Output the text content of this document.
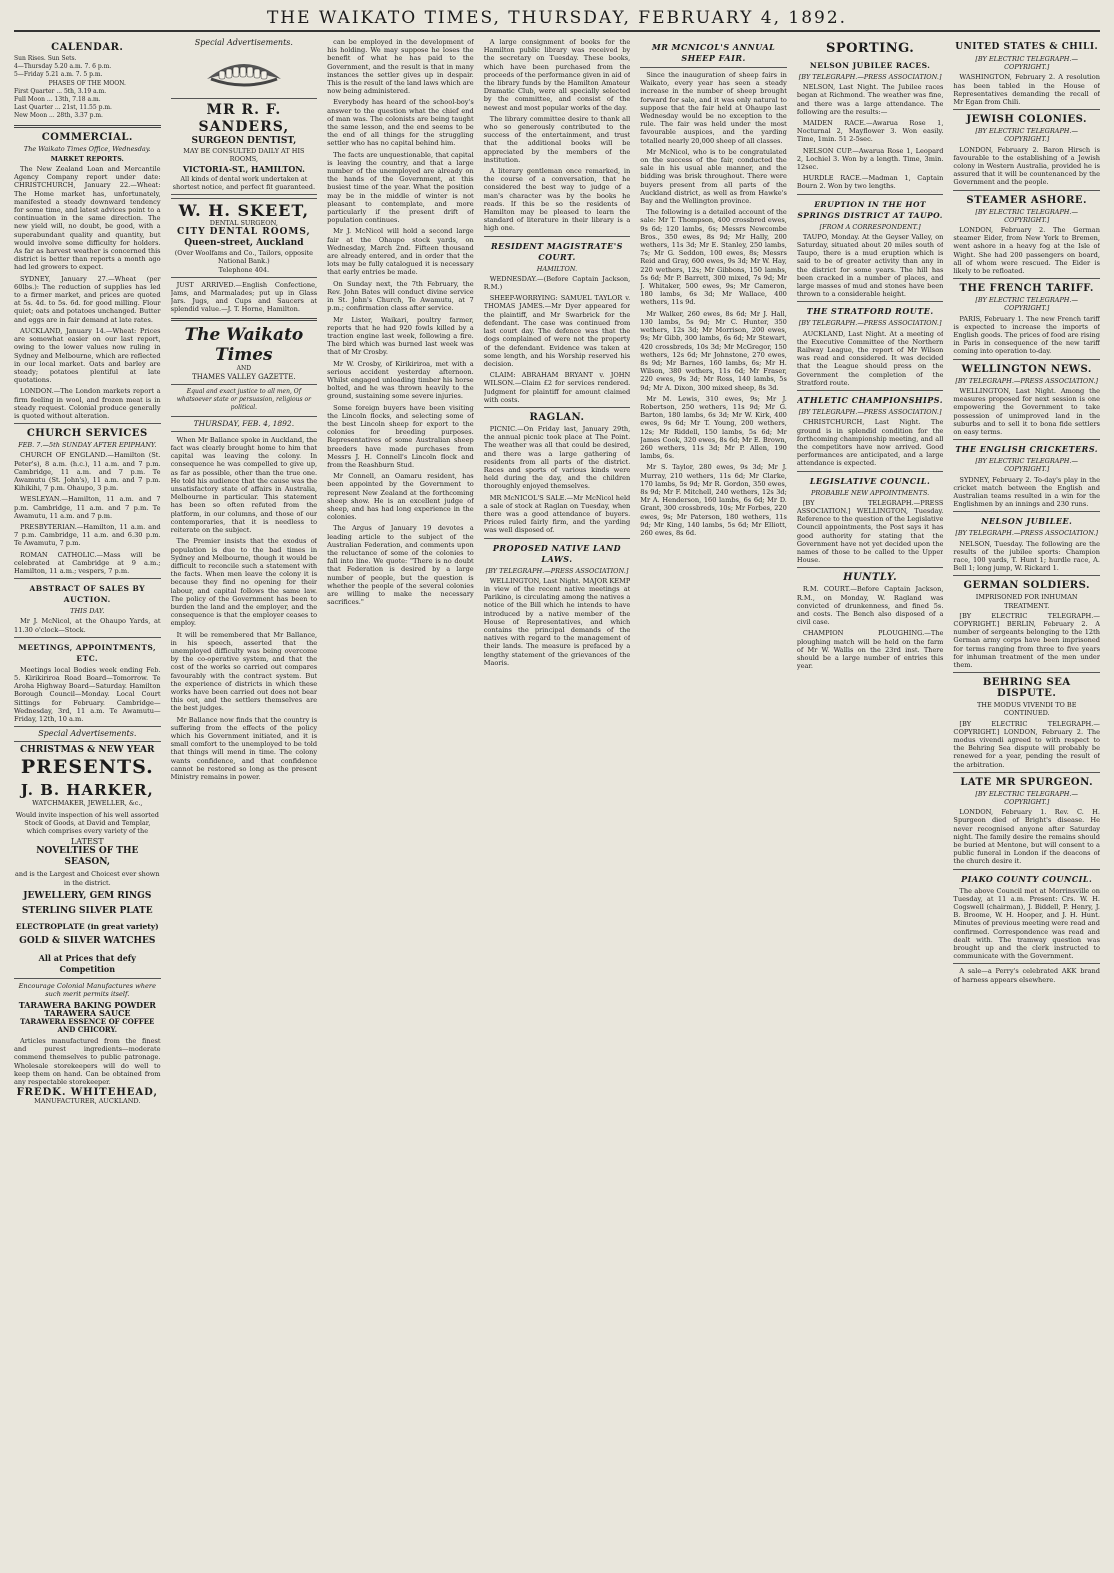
THE WAIKATO TIMES, THURSDAY, FEBRUARY 4, 1892.
CALENDAR.
Sun Rises. Sun Sets.
4—Thursday 5.20 a.m. 7. 6 p.m.
5—Friday 5.21 a.m. 7. 5 p.m.
PHASES OF THE MOON.
First Quarter ... 5th, 3.19 a.m.
Full Moon ... 13th, 7.18 a.m.
Last Quarter ... 21st, 11.55 p.m.
New Moon ... 28th, 3.37 p.m.
COMMERCIAL.
The Waikato Times Office, Wednesday.
MARKET REPORTS.

The New Zealand Loan and Mercantile Agency Company report under date: CHRISTCHURCH, January 22.—Wheat: The Home market has, unfortunately, manifested a steady downward tendency for some time, and latest advices point to a continuation in the same direction. The new yield will, no doubt, be good, with a superabundant quality and quantity, but would involve some difficulty for holders. As far as harvest weather is concerned this district is better than reports a month ago had led growers to expect.

SYDNEY, January 27.—Wheat (per 60lbs.): The reduction of supplies has led to a firmer market, and prices are quoted at 5s. 4d. to 5s. 6d. for good milling. Flour quiet; oats and potatoes unchanged. Butter and eggs are in fair demand at late rates.

AUCKLAND, January 14.—Wheat: Prices are somewhat easier on our last report, owing to the lower values now ruling in Sydney and Melbourne, which are reflected in our local market. Oats and barley are steady; potatoes plentiful at late quotations.

LONDON.—The London markets report a firm feeling in wool, and frozen meat is in steady request. Colonial produce generally is quoted without alteration.

CHURCH SERVICES
FEB. 7.—5th SUNDAY AFTER EPIPHANY.

CHURCH OF ENGLAND.—Hamilton (St. Peter's), 8 a.m. (h.c.), 11 a.m. and 7 p.m. Cambridge, 11 a.m. and 7 p.m. Te Awamutu (St. John's), 11 a.m. and 7 p.m. Kihikihi, 7 p.m. Ohaupo, 3 p.m.

WESLEYAN.—Hamilton, 11 a.m. and 7 p.m. Cambridge, 11 a.m. and 7 p.m. Te Awamutu, 11 a.m. and 7 p.m.

PRESBYTERIAN.—Hamilton, 11 a.m. and 7 p.m. Cambridge, 11 a.m. and 6.30 p.m. Te Awamutu, 7 p.m.

ROMAN CATHOLIC.—Mass will be celebrated at Cambridge at 9 a.m.; Hamilton, 11 a.m.; vespers, 7 p.m.

ABSTRACT OF SALES BY AUCTION.
THIS DAY.

Mr J. McNicol, at the Ohaupo Yards, at 11.30 o'clock—Stock.

MEETINGS, APPOINTMENTS, ETC.

Meetings local Bodies week ending Feb. 5. Kirikiriroa Road Board—Tomorrow. Te Aroha Highway Board—Saturday. Hamilton Borough Council—Monday. Local Court Sittings for February. Cambridge—Wednesday, 3rd, 11 a.m. Te Awamutu—Friday, 12th, 10 a.m.

Special Advertisements.
CHRISTMAS & NEW YEAR
PRESENTS.
J. B. HARKER,
WATCHMAKER, JEWELLER, &c.,
Would invite inspection of his well assorted Stock of Goods, at David and Templar, which comprises every variety of the
LATEST
NOVELTIES OF THE SEASON,
and is the Largest and Choicest ever shown in the district.
JEWELLERY, GEM RINGS
STERLING SILVER PLATE
ELECTROPLATE (in great variety)
GOLD & SILVER WATCHES
All at Prices that defy Competition
Encourage Colonial Manufactures where such merit permits itself.
TARAWERA BAKING POWDER
TARAWERA SAUCE
TARAWERA ESSENCE OF COFFEE AND CHICORY.

Articles manufactured from the finest and purest ingredients—moderate commend themselves to public patronage. Wholesale storekeepers will do well to keep them on hand. Can be obtained from any respectable storekeeper.

FREDK. WHITEHEAD,
MANUFACTURER, AUCKLAND.
Special Advertisements.
MR R. F. SANDERS,
SURGEON DENTIST,
MAY BE CONSULTED DAILY AT HIS ROOMS,
VICTORIA-ST., HAMILTON.
All kinds of dental work undertaken at shortest notice, and perfect fit guaranteed.
W. H. SKEET,
DENTAL SURGEON,
CITY DENTAL ROOMS,
Queen-street, Auckland
(Over Woolfams and Co., Tailors, opposite National Bank.)
Telephone 404.

JUST ARRIVED.—English Confectione, Jams, and Marmalades; put up in Glass Jars. Jugs, and Cups and Saucers at splendid value.—J. T. Horne, Hamilton.

The Waikato Times
AND
THAMES VALLEY GAZETTE.
Equal and exact justice to all men, Of whatsoever state or persuasion, religious or political.
THURSDAY, FEB. 4, 1892.

When Mr Ballance spoke in Auckland, the fact was clearly brought home to him that capital was leaving the colony. In consequence he was compelled to give up, as far as possible, other than the true one. He told his audience that the cause was the unsatisfactory state of affairs in Australia, Melbourne in particular. This statement has been so often refuted from the platform, in our columns, and those of our contemporaries, that it is needless to reiterate on the subject.

The Premier insists that the exodus of population is due to the bad times in Sydney and Melbourne, though it would be difficult to reconcile such a statement with the facts. When men leave the colony it is because they find no opening for their labour, and capital follows the same law. The policy of the Government has been to burden the land and the employer, and the consequence is that the employer ceases to employ.

It will be remembered that Mr Ballance, in his speech, asserted that the unemployed difficulty was being overcome by the co-operative system, and that the cost of the works so carried out compares favourably with the contract system. But the experience of districts in which these works have been carried out does not bear this out, and the settlers themselves are the best judges.

Mr Ballance now finds that the country is suffering from the effects of the policy which his Government initiated, and it is small comfort to the unemployed to be told that things will mend in time. The colony wants confidence, and that confidence cannot be restored so long as the present Ministry remains in power.

can be employed in the development of his holding. We may suppose he loses the benefit of what he has paid to the Government, and the result is that in many instances the settler gives up in despair. This is the result of the land laws which are now being administered.

Everybody has heard of the school-boy's answer to the question what the chief end of man was. The colonists are being taught the same lesson, and the end seems to be the end of all things for the struggling settler who has no capital behind him.

The facts are unquestionable, that capital is leaving the country, and that a large number of the unemployed are already on the hands of the Government, at this busiest time of the year. What the position may be in the middle of winter is not pleasant to contemplate, and more particularly if the present drift of population continues.

Mr J. McNicol will hold a second large fair at the Ohaupo stock yards, on Wednesday, March 2nd. Fifteen thousand are already entered, and in order that the lots may be fully catalogued it is necessary that early entries be made.

On Sunday next, the 7th February, the Rev. John Bates will conduct divine service in St. John's Church, Te Awamutu, at 7 p.m.; confirmation class after service.

Mr Lister, Waikari, poultry farmer, reports that he had 920 fowls killed by a traction engine last week, following a fire. The bird which was burned last week was that of Mr Crosby.

Mr W. Crosby, of Kirikiriroa, met with a serious accident yesterday afternoon. Whilst engaged unloading timber his horse bolted, and he was thrown heavily to the ground, sustaining some severe injuries.

Some foreign buyers have been visiting the Lincoln flocks, and selecting some of the best Lincoln sheep for export to the colonies for breeding purposes. Representatives of some Australian sheep breeders have made purchases from Messrs J. H. Connell's Lincoln flock and from the Reashburn Stud.

Mr Connell, an Oamaru resident, has been appointed by the Government to represent New Zealand at the forthcoming sheep show. He is an excellent judge of sheep, and has had long experience in the colonies.

The Argus of January 19 devotes a leading article to the subject of the Australian Federation, and comments upon the reluctance of some of the colonies to fall into line. We quote: "There is no doubt that Federation is desired by a large number of people, but the question is whether the people of the several colonies are willing to make the necessary sacrifices."

A large consignment of books for the Hamilton public library was received by the secretary on Tuesday. These books, which have been purchased from the proceeds of the performance given in aid of the library funds by the Hamilton Amateur Dramatic Club, were all specially selected by the committee, and consist of the newest and most popular works of the day.

The library committee desire to thank all who so generously contributed to the success of the entertainment, and trust that the additional books will be appreciated by the members of the institution.

A literary gentleman once remarked, in the course of a conversation, that he considered the best way to judge of a man's character was by the books he reads. If this be so the residents of Hamilton may be pleased to learn the standard of literature in their library is a high one.

RESIDENT MAGISTRATE'S COURT.
HAMILTON.

WEDNESDAY.—(Before Captain Jackson, R.M.)

SHEEP-WORRYING: SAMUEL TAYLOR v. THOMAS JAMES.—Mr Dyer appeared for the plaintiff, and Mr Swarbrick for the defendant. The case was continued from last court day. The defence was that the dogs complained of were not the property of the defendant. Evidence was taken at some length, and his Worship reserved his decision.

CLAIM: ABRAHAM BRYANT v. JOHN WILSON.—Claim £2 for services rendered. Judgment for plaintiff for amount claimed with costs.

RAGLAN.

PICNIC.—On Friday last, January 29th, the annual picnic took place at The Point. The weather was all that could be desired, and there was a large gathering of residents from all parts of the district. Races and sports of various kinds were held during the day, and the children thoroughly enjoyed themselves.

MR McNICOL'S SALE.—Mr McNicol held a sale of stock at Raglan on Tuesday, when there was a good attendance of buyers. Prices ruled fairly firm, and the yarding was well disposed of.

PROPOSED NATIVE LAND LAWS.
[BY TELEGRAPH.—PRESS ASSOCIATION.]

WELLINGTON, Last Night. MAJOR KEMP in view of the recent native meetings at Parikino, is circulating among the natives a notice of the Bill which he intends to have introduced by a native member of the House of Representatives, and which contains the principal demands of the natives with regard to the management of their lands. The measure is prefaced by a lengthy statement of the grievances of the Maoris.

MR MCNICOL'S ANNUAL SHEEP FAIR.

Since the inauguration of sheep fairs in Waikato, every year has seen a steady increase in the number of sheep brought forward for sale, and it was only natural to suppose that the fair held at Ohaupo last Wednesday would be no exception to the rule. The fair was held under the most favourable auspices, and the yarding totalled nearly 20,000 sheep of all classes.

Mr McNicol, who is to be congratulated on the success of the fair, conducted the sale in his usual able manner, and the bidding was brisk throughout. There were buyers present from all parts of the Auckland district, as well as from Hawke's Bay and the Wellington province.

The following is a detailed account of the sale: Mr T. Thompson, 400 crossbred ewes, 9s 6d; 120 lambs, 6s; Messrs Newcombe Bros., 350 ewes, 8s 9d; Mr Hally, 200 wethers, 11s 3d; Mr E. Stanley, 250 lambs, 7s; Mr G. Seddon, 100 ewes, 8s; Messrs Reid and Gray, 600 ewes, 9s 3d; Mr W. Hay, 220 wethers, 12s; Mr Gibbons, 150 lambs, 5s 6d; Mr P. Barrett, 300 mixed, 7s 9d; Mr J. Whitaker, 500 ewes, 9s; Mr Cameron, 180 lambs, 6s 3d; Mr Wallace, 400 wethers, 11s 9d.

Mr Walker, 260 ewes, 8s 6d; Mr J. Hall, 130 lambs, 5s 9d; Mr C. Hunter, 350 wethers, 12s 3d; Mr Morrison, 200 ewes, 9s; Mr Gibb, 300 lambs, 6s 6d; Mr Stewart, 420 crossbreds, 10s 3d; Mr McGregor, 150 wethers, 12s 6d; Mr Johnstone, 270 ewes, 8s 9d; Mr Barnes, 160 lambs, 6s; Mr H. Wilson, 380 wethers, 11s 6d; Mr Fraser, 220 ewes, 9s 3d; Mr Ross, 140 lambs, 5s 9d; Mr A. Dixon, 300 mixed sheep, 8s 3d.

Mr M. Lewis, 310 ewes, 9s; Mr J. Robertson, 250 wethers, 11s 9d; Mr G. Barton, 180 lambs, 6s 3d; Mr W. Kirk, 400 ewes, 9s 6d; Mr T. Young, 200 wethers, 12s; Mr Riddell, 150 lambs, 5s 6d; Mr James Cook, 320 ewes, 8s 6d; Mr E. Brown, 260 wethers, 11s 3d; Mr P. Allen, 190 lambs, 6s.

Mr S. Taylor, 280 ewes, 9s 3d; Mr J. Murray, 210 wethers, 11s 6d; Mr Clarke, 170 lambs, 5s 9d; Mr R. Gordon, 350 ewes, 8s 9d; Mr F. Mitchell, 240 wethers, 12s 3d; Mr A. Henderson, 160 lambs, 6s 6d; Mr D. Grant, 300 crossbreds, 10s; Mr Forbes, 220 ewes, 9s; Mr Paterson, 180 wethers, 11s 9d; Mr King, 140 lambs, 5s 6d; Mr Elliott, 260 ewes, 8s 6d.

SPORTING.
NELSON JUBILEE RACES.
[BY TELEGRAPH.—PRESS ASSOCIATION.]

NELSON, Last Night. The Jubilee races began at Richmond. The weather was fine, and there was a large attendance. The following are the results:—

MAIDEN RACE.—Awarua Rose 1, Nocturnal 2, Mayflower 3. Won easily. Time, 1min. 51 2-5sec.

NELSON CUP.—Awarua Rose 1, Leopard 2, Lochiel 3. Won by a length. Time, 3min. 12sec.

HURDLE RACE.—Madman 1, Captain Bourn 2. Won by two lengths.

ERUPTION IN THE HOT SPRINGS DISTRICT AT TAUPO.
[FROM A CORRESPONDENT.]

TAUPO, Monday. At the Geyser Valley, on Saturday, situated about 20 miles south of Taupo, there is a mud eruption which is said to be of greater activity than any in the district for some years. The hill has been cracked in a number of places, and large masses of mud and stones have been thrown to a considerable height.

THE STRATFORD ROUTE.
[BY TELEGRAPH.—PRESS ASSOCIATION.]

AUCKLAND, Last Night. At a meeting of the Executive Committee of the Northern Railway League, the report of Mr Wilson was read and considered. It was decided that the League should press on the Government the completion of the Stratford route.

ATHLETIC CHAMPIONSHIPS.
[BY TELEGRAPH.—PRESS ASSOCIATION.]

CHRISTCHURCH, Last Night. The ground is in splendid condition for the forthcoming championship meeting, and all the competitors have now arrived. Good performances are anticipated, and a large attendance is expected.

LEGISLATIVE COUNCIL.
PROBABLE NEW APPOINTMENTS.

[BY TELEGRAPH.—PRESS ASSOCIATION.] WELLINGTON, Tuesday. Reference to the question of the Legislative Council appointments, the Post says it has good authority for stating that the Government have not yet decided upon the names of those to be called to the Upper House.

HUNTLY.

R.M. COURT.—Before Captain Jackson, R.M., on Monday, W. Ragland was convicted of drunkenness, and fined 5s. and costs. The Bench also disposed of a civil case.

CHAMPION PLOUGHING.—The ploughing match will be held on the farm of Mr W. Wallis on the 23rd inst. There should be a large number of entries this year.

UNITED STATES & CHILI.
[BY ELECTRIC TELEGRAPH.—COPYRIGHT.]

WASHINGTON, February 2. A resolution has been tabled in the House of Representatives demanding the recall of Mr Egan from Chili.

JEWISH COLONIES.
[BY ELECTRIC TELEGRAPH.—COPYRIGHT.]

LONDON, February 2. Baron Hirsch is favourable to the establishing of a Jewish colony in Western Australia, provided he is assured that it will be countenanced by the Government and the people.

STEAMER ASHORE.
[BY ELECTRIC TELEGRAPH.—COPYRIGHT.]

LONDON, February 2. The German steamer Eider, from New York to Bremen, went ashore in a heavy fog at the Isle of Wight. She had 200 passengers on board, all of whom were rescued. The Eider is likely to be refloated.

THE FRENCH TARIFF.
[BY ELECTRIC TELEGRAPH.—COPYRIGHT.]

PARIS, February 1. The new French tariff is expected to increase the imports of English goods. The prices of food are rising in Paris in consequence of the new tariff coming into operation to-day.

WELLINGTON NEWS.
[BY TELEGRAPH.—PRESS ASSOCIATION.]

WELLINGTON, Last Night. Among the measures proposed for next session is one empowering the Government to take possession of unimproved land in the suburbs and to sell it to bona fide settlers on easy terms.

THE ENGLISH CRICKETERS.
[BY ELECTRIC TELEGRAPH.—COPYRIGHT.]

SYDNEY, February 2. To-day's play in the cricket match between the English and Australian teams resulted in a win for the Englishmen by an innings and 230 runs.

NELSON JUBILEE.
[BY TELEGRAPH.—PRESS ASSOCIATION.]

NELSON, Tuesday. The following are the results of the jubilee sports: Champion race, 100 yards, T. Hunt 1; hurdle race, A. Bell 1; long jump, W. Rickard 1.

GERMAN SOLDIERS.
IMPRISONED FOR INHUMAN TREATMENT.

[BY ELECTRIC TELEGRAPH.—COPYRIGHT.] BERLIN, February 2. A number of sergeants belonging to the 12th German army corps have been imprisoned for terms ranging from three to five years for inhuman treatment of the men under them.

BEHRING SEA DISPUTE.
THE MODUS VIVENDI TO BE CONTINUED.

[BY ELECTRIC TELEGRAPH.—COPYRIGHT.] LONDON, February 2. The modus vivendi agreed to with respect to the Behring Sea dispute will probably be renewed for a year, pending the result of the arbitration.

LATE MR SPURGEON.
[BY ELECTRIC TELEGRAPH.—COPYRIGHT.]

LONDON, February 1. Rev. C. H. Spurgeon died of Bright's disease. He never recognised anyone after Saturday night. The family desire the remains should be buried at Mentone, but will consent to a public funeral in London if the deacons of the church desire it.

PIAKO COUNTY COUNCIL.

The above Council met at Morrinsville on Tuesday, at 11 a.m. Present: Crs. W. H. Cogswell (chairman), J. Biddell, P. Henry, J. B. Broome, W. H. Hooper, and J. H. Hunt. Minutes of previous meeting were read and confirmed. Correspondence was read and dealt with. The tramway question was brought up and the clerk instructed to communicate with the Government.

A sale—a Perry's celebrated AKK brand of harness appears elsewhere.
